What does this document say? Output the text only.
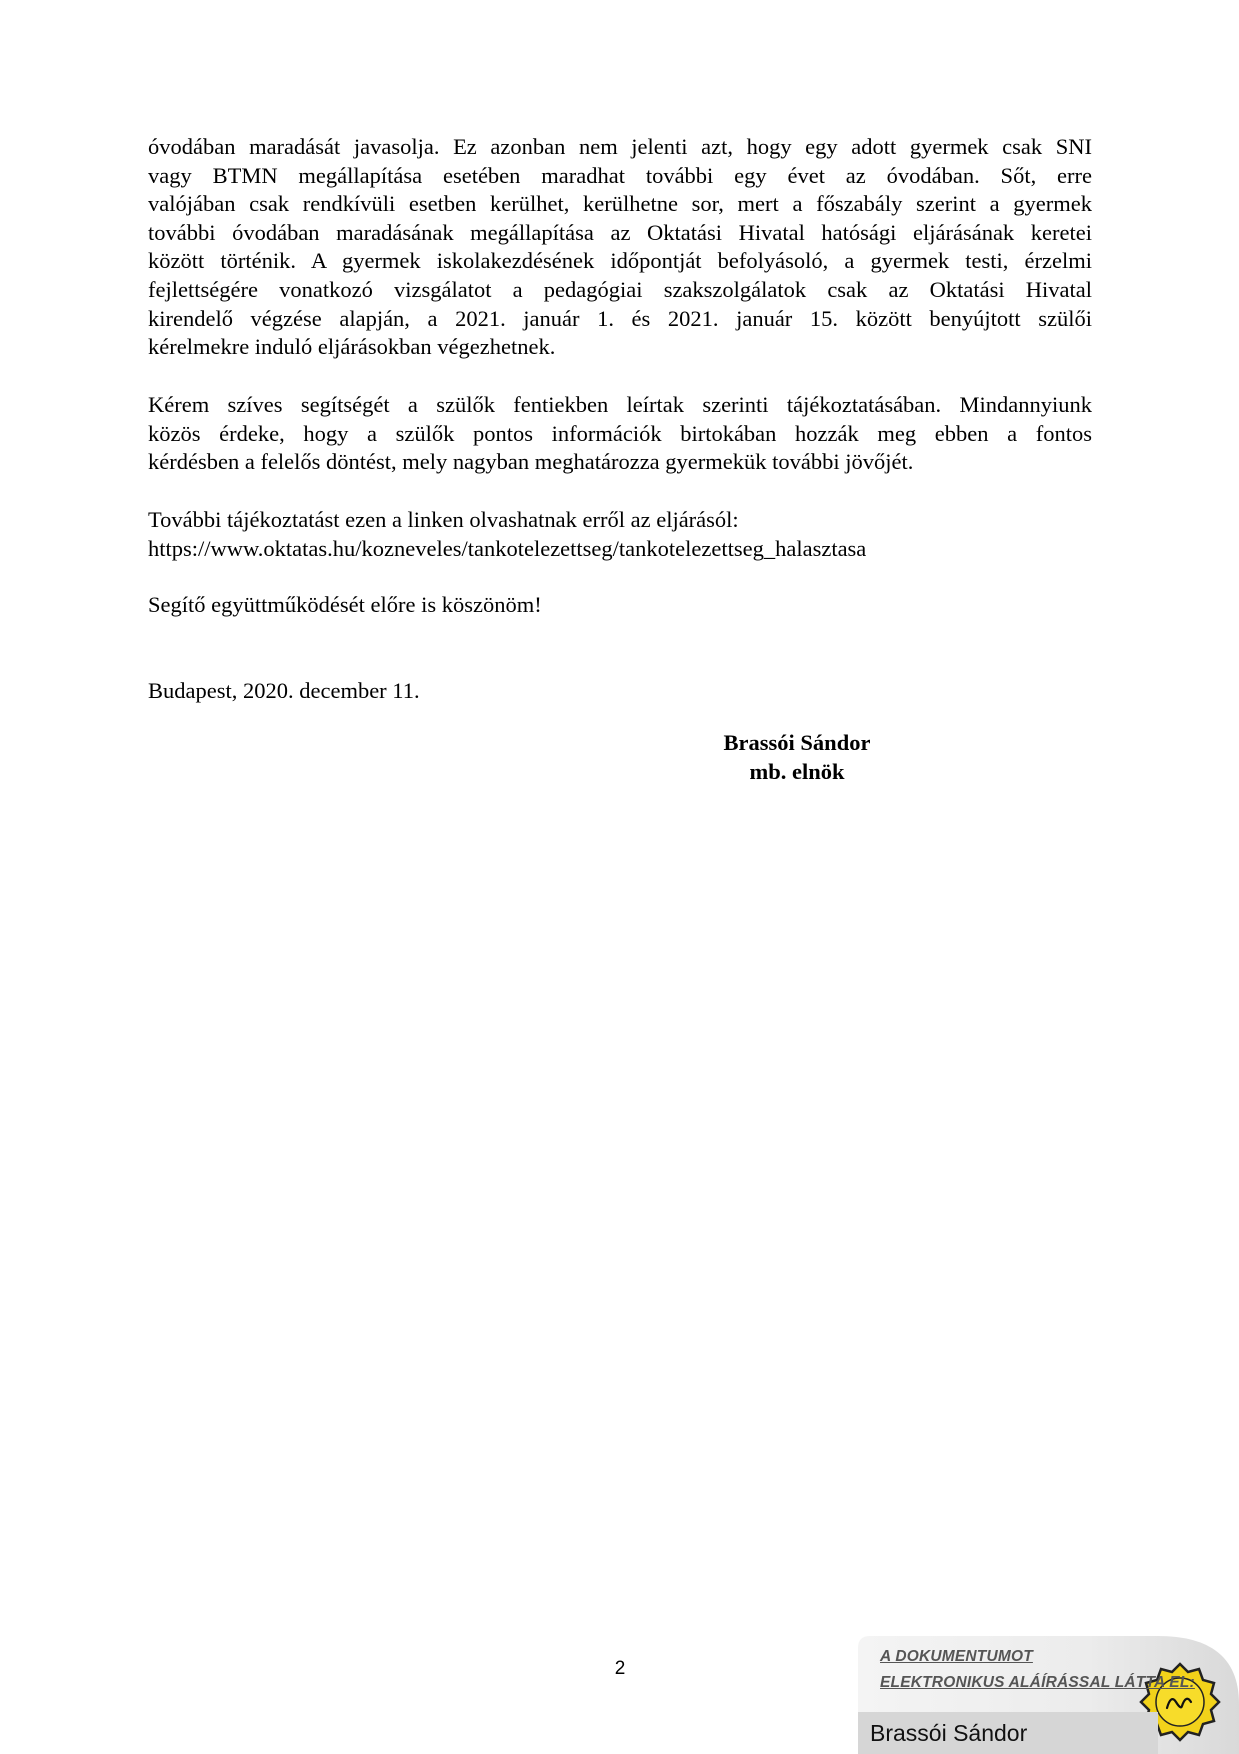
óvodában maradását javasolja. Ez azonban nem jelenti azt, hogy egy adott gyermek csak SNI
vagy BTMN megállapítása esetében maradhat további egy évet az óvodában. Sőt, erre
valójában csak rendkívüli esetben kerülhet, kerülhetne sor, mert a főszabály szerint a gyermek
további óvodában maradásának megállapítása az Oktatási Hivatal hatósági eljárásának keretei
között történik. A gyermek iskolakezdésének időpontját befolyásoló, a gyermek testi, érzelmi
fejlettségére vonatkozó vizsgálatot a pedagógiai szakszolgálatok csak az Oktatási Hivatal
kirendelő végzése alapján, a 2021. január 1. és 2021. január 15. között benyújtott szülői
kérelmekre induló eljárásokban végezhetnek.
Kérem szíves segítségét a szülők fentiekben leírtak szerinti tájékoztatásában. Mindannyiunk
közös érdeke, hogy a szülők pontos információk birtokában hozzák meg ebben a fontos
kérdésben a felelős döntést, mely nagyban meghatározza gyermekük további jövőjét.
További tájékoztatást ezen a linken olvashatnak erről az eljárásól:
https://www.oktatas.hu/kozneveles/tankotelezettseg/tankotelezettseg_halasztasa
Segítő együttműködését előre is köszönöm!
Budapest, 2020. december 11.
Brassói Sándor
mb. elnök
2
A DOKUMENTUMOT
ELEKTRONIKUS ALÁÍRÁSSAL LÁTTA EL:
Brassói Sándor
